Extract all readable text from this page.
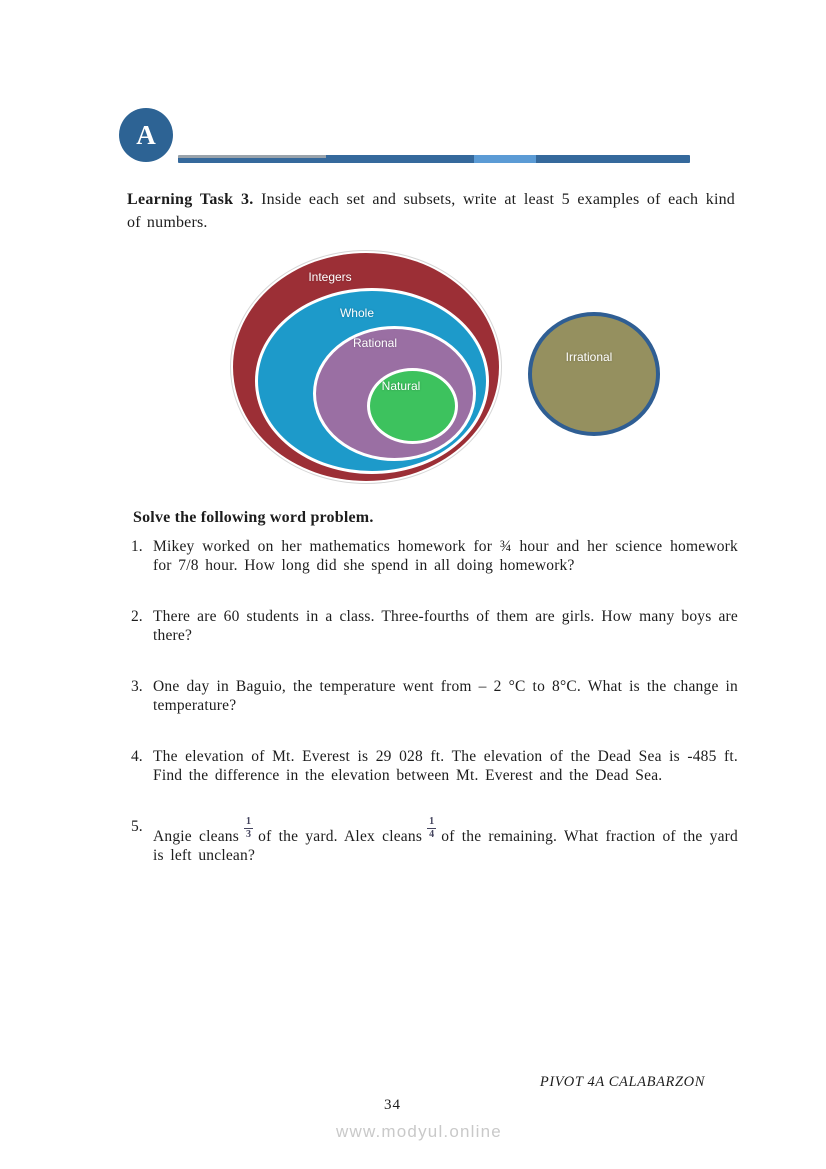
A

Learning Task 3. Inside each set and subsets, write at least 5 examples of each kind of numbers.

Integers
Whole
Rational
Natural
Irrational
Solve the following word problem.
1. Mikey worked on her mathematics homework for ¾ hour and her science homework for 7/8 hour. How long did she spend in all doing homework?
2. There are 60 students in a class. Three-fourths of them are girls. How many boys are there?
3. One day in Baguio, the temperature went from – 2 °C to 8°C. What is the change in temperature?
4. The elevation of Mt. Everest is 29 028 ft. The elevation of the Dead Sea is -485 ft. Find the difference in the elevation between Mt. Everest and the Dead Sea.
5.
Angie cleans $\frac{1}{3}$ of the yard. Alex cleans $\frac{1}{4}$ of the remaining. What fraction of the yard is left unclean?
PIVOT 4A CALABARZON
34
www.modyul.online
